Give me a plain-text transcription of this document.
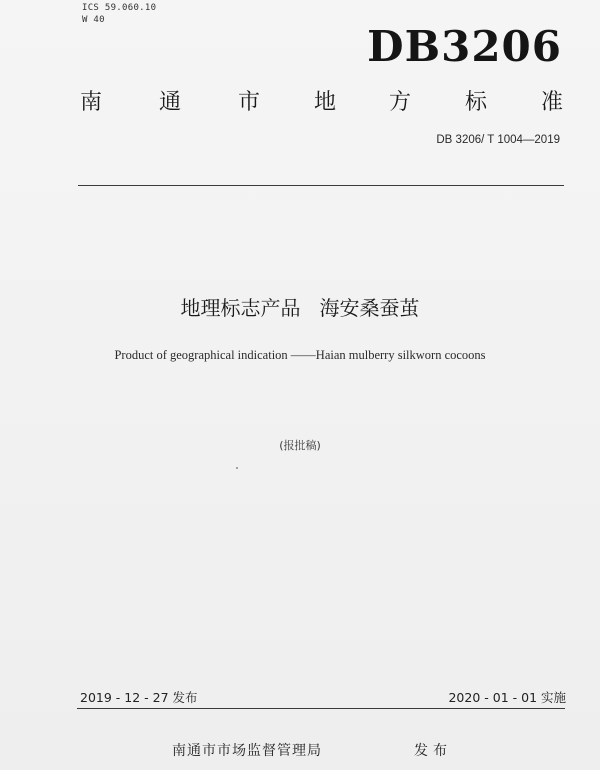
ICS 59.060.10
W 40
DB3206
南	通	市 地 方 标 准
DB 3206/ T 1004—2019
地理标志产品   海安桑蚕茧
Product of geographical indication ——Haian mulberry silkworn cocoons
(报批稿)
2019 - 12 - 27 发布	2020 - 01 - 01 实施
南通市市场监督管理局	发布
